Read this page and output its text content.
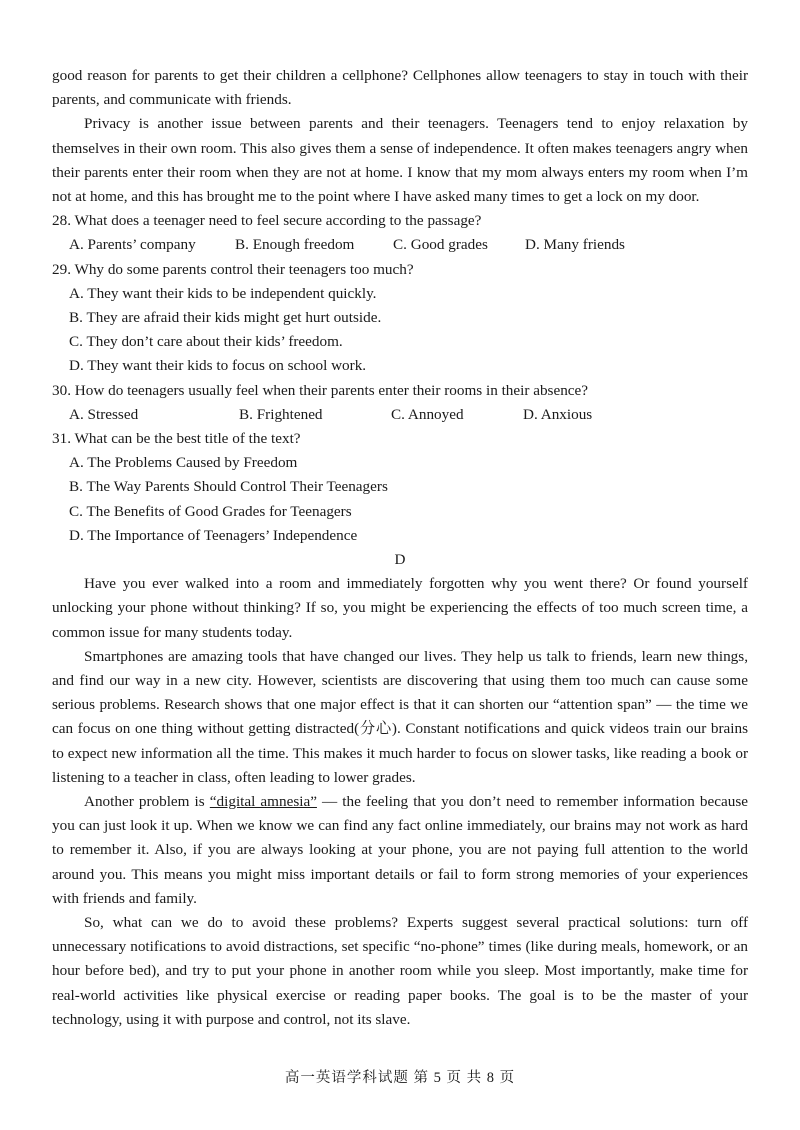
good reason for parents to get their children a cellphone? Cellphones allow teenagers to stay in touch with their parents, and communicate with friends.

Privacy is another issue between parents and their teenagers. Teenagers tend to enjoy relaxation by themselves in their own room. This also gives them a sense of independence. It often makes teenagers angry when their parents enter their room when they are not at home. I know that my mom always enters my room when I’m not at home, and this has brought me to the point where I have asked many times to get a lock on my door.

28. What does a teenager need to feel secure according to the passage?

A. Parents’ company	B. Enough freedom	C. Good grades D. Many friends

29. Why do some parents control their teenagers too much?

A. They want their kids to be independent quickly.

B. They are afraid their kids might get hurt outside.

C. They don’t care about their kids’ freedom.

D. They want their kids to focus on school work.

30. How do teenagers usually feel when their parents enter their rooms in their absence?

A. Stressed	B. Frightened	C. Annoyed	D. Anxious

31. What can be the best title of the text?

A. The Problems Caused by Freedom

B. The Way Parents Should Control Their Teenagers

C. The Benefits of Good Grades for Teenagers

D. The Importance of Teenagers’ Independence

D

Have you ever walked into a room and immediately forgotten why you went there? Or found yourself unlocking your phone without thinking? If so, you might be experiencing the effects of too much screen time, a common issue for many students today.

Smartphones are amazing tools that have changed our lives. They help us talk to friends, learn new things, and find our way in a new city. However, scientists are discovering that using them too much can cause some serious problems. Research shows that one major effect is that it can shorten our “attention span” — the time we can focus on one thing without getting distracted(分心). Constant notifications and quick videos train our brains to expect new information all the time. This makes it much harder to focus on slower tasks, like reading a book or listening to a teacher in class, often leading to lower grades.

Another problem is “digital amnesia” — the feeling that you don’t need to remember information because you can just look it up. When we know we can find any fact online immediately, our brains may not work as hard to remember it. Also, if you are always looking at your phone, you are not paying full attention to the world around you. This means you might miss important details or fail to form strong memories of your experiences with friends and family.

So, what can we do to avoid these problems? Experts suggest several practical solutions: turn off unnecessary notifications to avoid distractions, set specific “no-phone” times (like during meals, homework, or an hour before bed), and try to put your phone in another room while you sleep. Most importantly, make time for real-world activities like physical exercise or reading paper books. The goal is to be the master of your technology, using it with purpose and control, not its slave.

高一英语学科试题 第 5 页 共 8 页
